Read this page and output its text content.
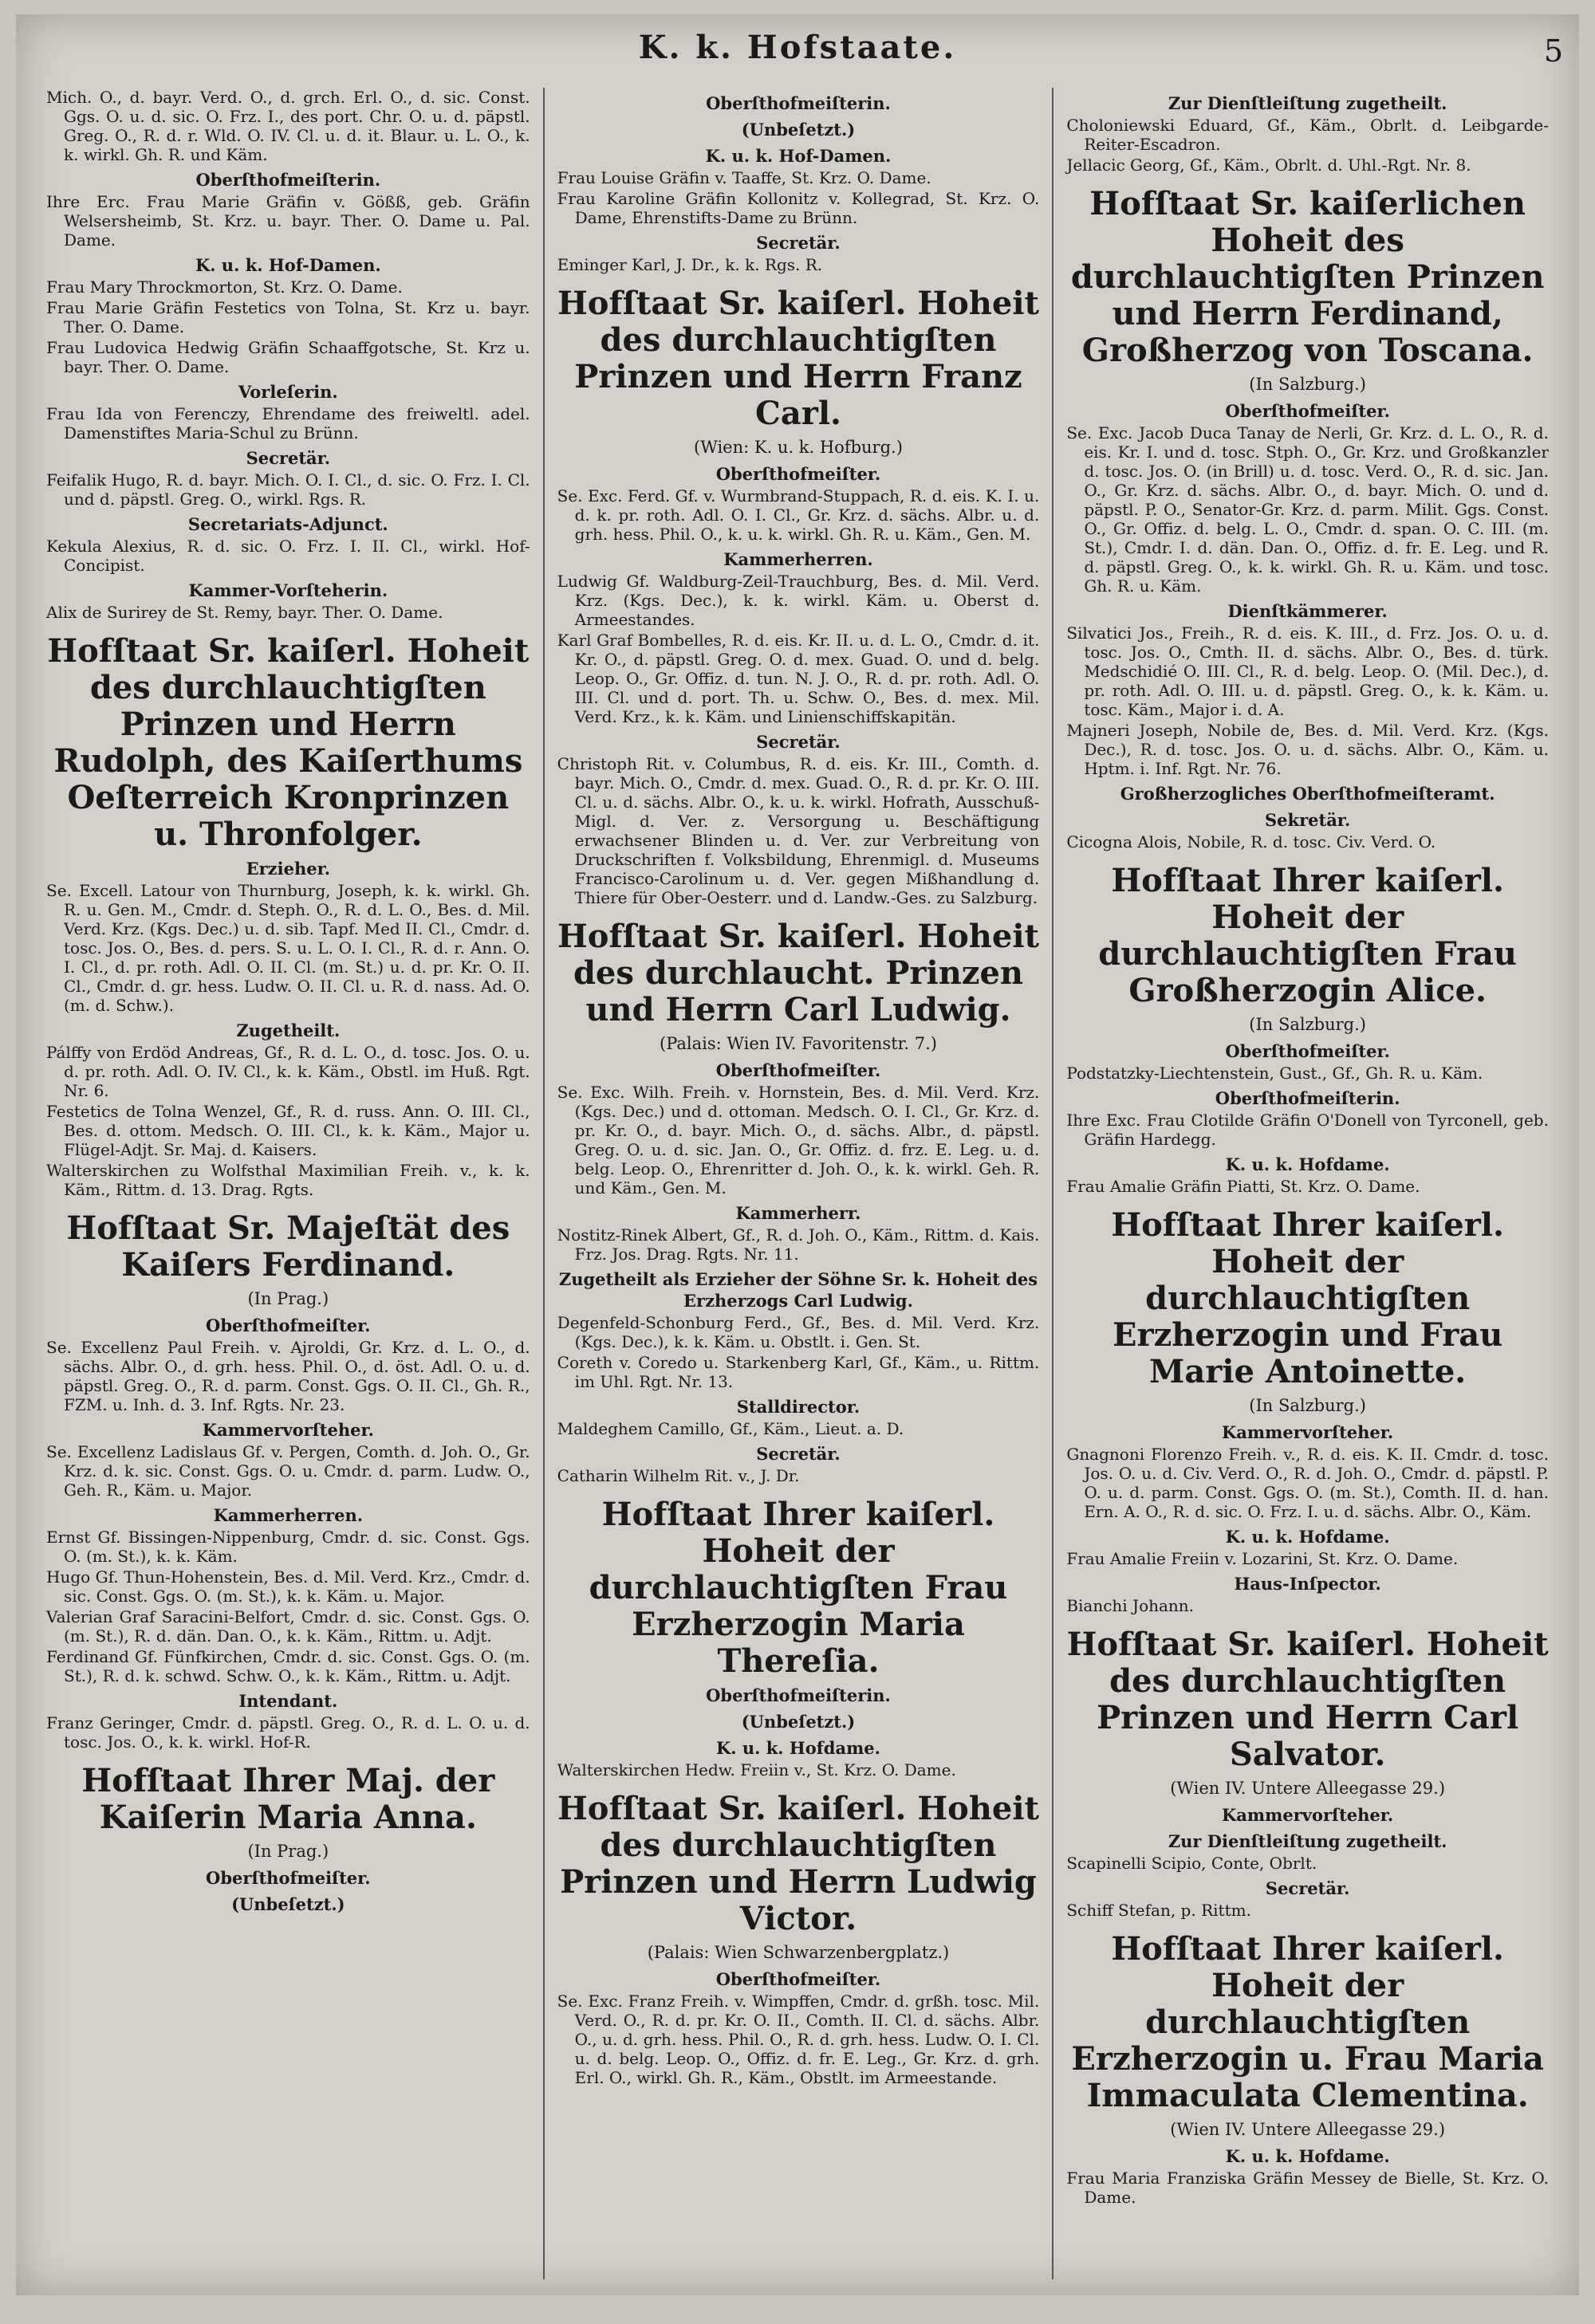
K. k. Hofstaate.	5
Mich. O., d. bayr. Verd. O., d. grch. Erl. O., d. sic. Const. Ggs. O. u. d. sic. O. Frz. I., des port. Chr. O. u. d. päpstl. Greg. O., R. d. r. Wld. O. IV. Cl. u. d. it. Blaur. u. L. O., k. k. wirkl. Gh. R. und Käm.
Oberſthofmeiſterin.
Ihre Erc. Frau Marie Gräfin v. Gößß, geb. Gräfin Welsersheimb, St. Krz. u. bayr. Ther. O. Dame u. Pal. Dame.
K. u. k. Hof-Damen.
Frau Mary Throckmorton, St. Krz. O. Dame.
Frau Marie Gräfin Festetics von Tolna, St. Krz u. bayr. Ther. O. Dame.
Frau Ludovica Hedwig Gräfin Schaaffgotsche, St. Krz u. bayr. Ther. O. Dame.
Vorleſerin.
Frau Ida von Ferenczy, Ehrendame des freiweltl. adel. Damenstiftes Maria-Schul zu Brünn.
Secretär.
Feifalik Hugo, R. d. bayr. Mich. O. I. Cl., d. sic. O. Frz. I. Cl. und d. päpstl. Greg. O., wirkl. Rgs. R.
Secretariats-Adjunct.
Kekula Alexius, R. d. sic. O. Frz. I. II. Cl., wirkl. Hof-Concipist.
Kammer-Vorſteherin.
Alix de Surirey de St. Remy, bayr. Ther. O. Dame.
Hofſtaat Sr. kaiſerl. Hoheit des durchlauchtigſten Prinzen und Herrn Rudolph, des Kaiſerthums Oeſterreich Kronprinzen u. Thronfolger.
Erzieher.
Se. Excell. Latour von Thurnburg, Joseph, k. k. wirkl. Gh. R. u. Gen. M., Cmdr. d. Steph. O., R. d. L. O., Bes. d. Mil. Verd. Krz. (Kgs. Dec.) u. d. sib. Tapf. Med II. Cl., Cmdr. d. tosc. Jos. O., Bes. d. pers. S. u. L. O. I. Cl., R. d. r. Ann. O. I. Cl., d. pr. roth. Adl. O. II. Cl. (m. St.) u. d. pr. Kr. O. II. Cl., Cmdr. d. gr. hess. Ludw. O. II. Cl. u. R. d. nass. Ad. O. (m. d. Schw.).
Zugetheilt.
Pálffy von Erdöd Andreas, Gf., R. d. L. O., d. tosc. Jos. O. u. d. pr. roth. Adl. O. IV. Cl., k. k. Käm., Obstl. im Huß. Rgt. Nr. 6.
Festetics de Tolna Wenzel, Gf., R. d. russ. Ann. O. III. Cl., Bes. d. ottom. Medsch. O. III. Cl., k. k. Käm., Major u. Flügel-Adjt. Sr. Maj. d. Kaisers.
Walterskirchen zu Wolfsthal Maximilian Freih. v., k. k. Käm., Rittm. d. 13. Drag. Rgts.
Hofſtaat Sr. Majeſtät des Kaiſers Ferdinand.
(In Prag.)
Oberſthofmeiſter.
Se. Excellenz Paul Freih. v. Ajroldi, Gr. Krz. d. L. O., d. sächs. Albr. O., d. grh. hess. Phil. O., d. öst. Adl. O. u. d. päpstl. Greg. O., R. d. parm. Const. Ggs. O. II. Cl., Gh. R., FZM. u. Inh. d. 3. Inf. Rgts. Nr. 23.
Kammervorſteher.
Se. Excellenz Ladislaus Gf. v. Pergen, Comth. d. Joh. O., Gr. Krz. d. k. sic. Const. Ggs. O. u. Cmdr. d. parm. Ludw. O., Geh. R., Käm. u. Major.
Kammerherren.
Ernst Gf. Bissingen-Nippenburg, Cmdr. d. sic. Const. Ggs. O. (m. St.), k. k. Käm.
Hugo Gf. Thun-Hohenstein, Bes. d. Mil. Verd. Krz., Cmdr. d. sic. Const. Ggs. O. (m. St.), k. k. Käm. u. Major.
Valerian Graf Saracini-Belfort, Cmdr. d. sic. Const. Ggs. O. (m. St.), R. d. dän. Dan. O., k. k. Käm., Rittm. u. Adjt.
Ferdinand Gf. Fünfkirchen, Cmdr. d. sic. Const. Ggs. O. (m. St.), R. d. k. schwd. Schw. O., k. k. Käm., Rittm. u. Adjt.
Intendant.
Franz Geringer, Cmdr. d. päpstl. Greg. O., R. d. L. O. u. d. tosc. Jos. O., k. k. wirkl. Hof-R.
Hofſtaat Ihrer Maj. der Kaiſerin Maria Anna.
(In Prag.)
Oberſthofmeiſter.
(Unbeſetzt.)
Oberſthofmeiſterin.
(Unbeſetzt.)
K. u. k. Hof-Damen.
Frau Louise Gräfin v. Taaffe, St. Krz. O. Dame.
Frau Karoline Gräfin Kollonitz v. Kollegrad, St. Krz. O. Dame, Ehrenstifts-Dame zu Brünn.
Secretär.
Eminger Karl, J. Dr., k. k. Rgs. R.
Hofſtaat Sr. kaiſerl. Hoheit des durchlauchtigſten Prinzen und Herrn Franz Carl.
(Wien: K. u. k. Hofburg.)
Oberſthofmeiſter.
Se. Exc. Ferd. Gf. v. Wurmbrand-Stuppach, R. d. eis. K. I. u. d. k. pr. roth. Adl. O. I. Cl., Gr. Krz. d. sächs. Albr. u. d. grh. hess. Phil. O., k. u. k. wirkl. Gh. R. u. Käm., Gen. M.
Kammerherren.
Ludwig Gf. Waldburg-Zeil-Trauchburg, Bes. d. Mil. Verd. Krz. (Kgs. Dec.), k. k. wirkl. Käm. u. Oberst d. Armeestandes.
Karl Graf Bombelles, R. d. eis. Kr. II. u. d. L. O., Cmdr. d. it. Kr. O., d. päpstl. Greg. O. d. mex. Guad. O. und d. belg. Leop. O., Gr. Offiz. d. tun. N. J. O., R. d. pr. roth. Adl. O. III. Cl. und d. port. Th. u. Schw. O., Bes. d. mex. Mil. Verd. Krz., k. k. Käm. und Linienschiffskapitän.
Secretär.
Christoph Rit. v. Columbus, R. d. eis. Kr. III., Comth. d. bayr. Mich. O., Cmdr. d. mex. Guad. O., R. d. pr. Kr. O. III. Cl. u. d. sächs. Albr. O., k. u. k. wirkl. Hofrath, Ausschuß-Migl. d. Ver. z. Versorgung u. Beschäftigung erwachsener Blinden u. d. Ver. zur Verbreitung von Druckschriften f. Volksbildung, Ehrenmigl. d. Museums Francisco-Carolinum u. d. Ver. gegen Mißhandlung d. Thiere für Ober-Oesterr. und d. Landw.-Ges. zu Salzburg.
Hofſtaat Sr. kaiſerl. Hoheit des durchlaucht. Prinzen und Herrn Carl Ludwig.
(Palais: Wien IV. Favoritenstr. 7.)
Oberſthofmeiſter.
Se. Exc. Wilh. Freih. v. Hornstein, Bes. d. Mil. Verd. Krz. (Kgs. Dec.) und d. ottoman. Medsch. O. I. Cl., Gr. Krz. d. pr. Kr. O., d. bayr. Mich. O., d. sächs. Albr., d. päpstl. Greg. O. u. d. sic. Jan. O., Gr. Offiz. d. frz. E. Leg. u. d. belg. Leop. O., Ehrenritter d. Joh. O., k. k. wirkl. Geh. R. und Käm., Gen. M.
Kammerherr.
Nostitz-Rinek Albert, Gf., R. d. Joh. O., Käm., Rittm. d. Kais. Frz. Jos. Drag. Rgts. Nr. 11.
Zugetheilt als Erzieher der Söhne Sr. k. Hoheit des Erzherzogs Carl Ludwig.
Degenfeld-Schonburg Ferd., Gf., Bes. d. Mil. Verd. Krz. (Kgs. Dec.), k. k. Käm. u. Obstlt. i. Gen. St.
Coreth v. Coredo u. Starkenberg Karl, Gf., Käm., u. Rittm. im Uhl. Rgt. Nr. 13.
Stalldirector.
Maldeghem Camillo, Gf., Käm., Lieut. a. D.
Secretär.
Catharin Wilhelm Rit. v., J. Dr.
Hofſtaat Ihrer kaiſerl. Hoheit der durchlauchtigſten Frau Erzherzogin Maria Thereſia.
Oberſthofmeiſterin.
(Unbeſetzt.)
K. u. k. Hofdame.
Walterskirchen Hedw. Freiin v., St. Krz. O. Dame.
Hofſtaat Sr. kaiſerl. Hoheit des durchlauchtigſten Prinzen und Herrn Ludwig Victor.
(Palais: Wien Schwarzenbergplatz.)
Oberſthofmeiſter.
Se. Exc. Franz Freih. v. Wimpffen, Cmdr. d. grßh. tosc. Mil. Verd. O., R. d. pr. Kr. O. II., Comth. II. Cl. d. sächs. Albr. O., u. d. grh. hess. Phil. O., R. d. grh. hess. Ludw. O. I. Cl. u. d. belg. Leop. O., Offiz. d. fr. E. Leg., Gr. Krz. d. grh. Erl. O., wirkl. Gh. R., Käm., Obstlt. im Armeestande.
Zur Dienſtleiſtung zugetheilt.
Choloniewski Eduard, Gf., Käm., Obrlt. d. Leibgarde-Reiter-Escadron.
Jellacic Georg, Gf., Käm., Obrlt. d. Uhl.-Rgt. Nr. 8.
Hofſtaat Sr. kaiſerlichen Hoheit des durchlauchtigſten Prinzen und Herrn Ferdinand, Großherzog von Toscana.
(In Salzburg.)
Oberſthofmeiſter.
Se. Exc. Jacob Duca Tanay de Nerli, Gr. Krz. d. L. O., R. d. eis. Kr. I. und d. tosc. Stph. O., Gr. Krz. und Großkanzler d. tosc. Jos. O. (in Brill) u. d. tosc. Verd. O., R. d. sic. Jan. O., Gr. Krz. d. sächs. Albr. O., d. bayr. Mich. O. und d. päpstl. P. O., Senator-Gr. Krz. d. parm. Milit. Ggs. Const. O., Gr. Offiz. d. belg. L. O., Cmdr. d. span. O. C. III. (m. St.), Cmdr. I. d. dän. Dan. O., Offiz. d. fr. E. Leg. und R. d. päpstl. Greg. O., k. k. wirkl. Gh. R. u. Käm. und tosc. Gh. R. u. Käm.
Dienſtkämmerer.
Silvatici Jos., Freih., R. d. eis. K. III., d. Frz. Jos. O. u. d. tosc. Jos. O., Cmth. II. d. sächs. Albr. O., Bes. d. türk. Medschidié O. III. Cl., R. d. belg. Leop. O. (Mil. Dec.), d. pr. roth. Adl. O. III. u. d. päpstl. Greg. O., k. k. Käm. u. tosc. Käm., Major i. d. A.
Majneri Joseph, Nobile de, Bes. d. Mil. Verd. Krz. (Kgs. Dec.), R. d. tosc. Jos. O. u. d. sächs. Albr. O., Käm. u. Hptm. i. Inf. Rgt. Nr. 76.
Großherzogliches Oberſthofmeiſteramt.
Sekretär.
Cicogna Alois, Nobile, R. d. tosc. Civ. Verd. O.
Hofſtaat Ihrer kaiſerl. Hoheit der durchlauchtigſten Frau Großherzogin Alice.
(In Salzburg.)
Oberſthofmeiſter.
Podstatzky-Liechtenstein, Gust., Gf., Gh. R. u. Käm.
Oberſthofmeiſterin.
Ihre Exc. Frau Clotilde Gräfin O'Donell von Tyrconell, geb. Gräfin Hardegg.
K. u. k. Hofdame.
Frau Amalie Gräfin Piatti, St. Krz. O. Dame.
Hofſtaat Ihrer kaiſerl. Hoheit der durchlauchtigſten Erzherzogin und Frau Marie Antoinette.
(In Salzburg.)
Kammervorſteher.
Gnagnoni Florenzo Freih. v., R. d. eis. K. II. Cmdr. d. tosc. Jos. O. u. d. Civ. Verd. O., R. d. Joh. O., Cmdr. d. päpstl. P. O. u. d. parm. Const. Ggs. O. (m. St.), Comth. II. d. han. Ern. A. O., R. d. sic. O. Frz. I. u. d. sächs. Albr. O., Käm.
K. u. k. Hofdame.
Frau Amalie Freiin v. Lozarini, St. Krz. O. Dame.
Haus-Inſpector.
Bianchi Johann.
Hofſtaat Sr. kaiſerl. Hoheit des durchlauchtigſten Prinzen und Herrn Carl Salvator.
(Wien IV. Untere Alleegasse 29.)
Kammervorſteher.
Zur Dienſtleiſtung zugetheilt.
Scapinelli Scipio, Conte, Obrlt.
Secretär.
Schiff Stefan, p. Rittm.
Hofſtaat Ihrer kaiſerl. Hoheit der durchlauchtigſten Erzherzogin u. Frau Maria Immaculata Clementina.
(Wien IV. Untere Alleegasse 29.)
K. u. k. Hofdame.
Frau Maria Franziska Gräfin Messey de Bielle, St. Krz. O. Dame.
